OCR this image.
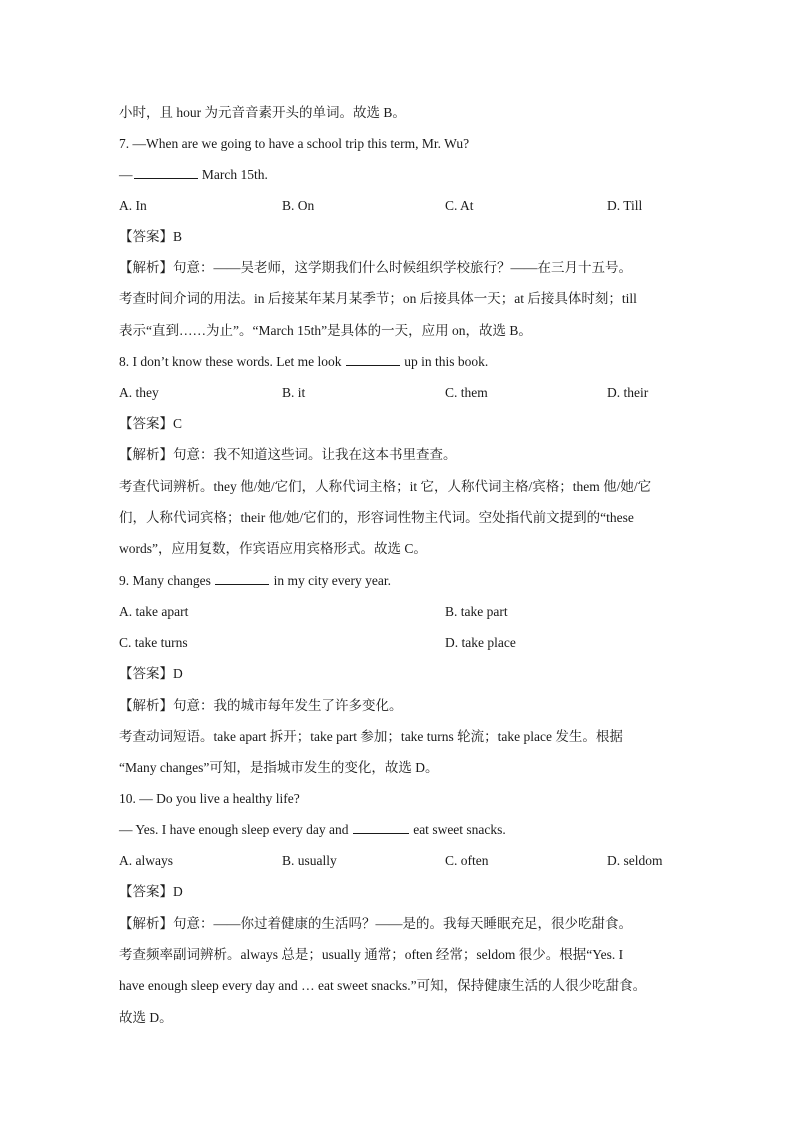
小时，且 hour 为元音音素开头的单词。故选 B。
7. —When are we going to have a school trip this term, Mr. Wu?
—	March 15th.
A. In	B. On	C. At	D. Till
【答案】B
【解析】句意：——吴老师，这学期我们什么时候组织学校旅行？——在三月十五号。
考查时间介词的用法。in 后接某年某月某季节；on 后接具体一天；at 后接具体时刻；till
表示“直到……为止”。“March 15th”是具体的一天，应用 on，故选 B。
8. I don’t know these words. Let me look	up in this book.
A. they	B. it	C. them	D. their
【答案】C
【解析】句意：我不知道这些词。让我在这本书里查查。
考查代词辨析。they 他/她/它们，人称代词主格；it 它，人称代词主格/宾格；them 他/她/它
们，人称代词宾格；their 他/她/它们的，形容词性物主代词。空处指代前文提到的“these
words”，应用复数，作宾语应用宾格形式。故选 C。
9. Many changes	in my city every year.
A. take apart	B. take part
C. take turns	D. take place
【答案】D
【解析】句意：我的城市每年发生了许多变化。
考查动词短语。take apart 拆开；take part 参加；take turns 轮流；take place 发生。根据
“Many changes”可知，是指城市发生的变化，故选 D。
10. — Do you live a healthy life?
— Yes. I have enough sleep every day and	eat sweet snacks.
A. always	B. usually	C. often	D. seldom
【答案】D
【解析】句意：——你过着健康的生活吗？——是的。我每天睡眠充足，很少吃甜食。
考查频率副词辨析。always 总是；usually 通常；often 经常；seldom 很少。根据“Yes. I
have enough sleep every day and … eat sweet snacks.”可知，保持健康生活的人很少吃甜食。
故选 D。
